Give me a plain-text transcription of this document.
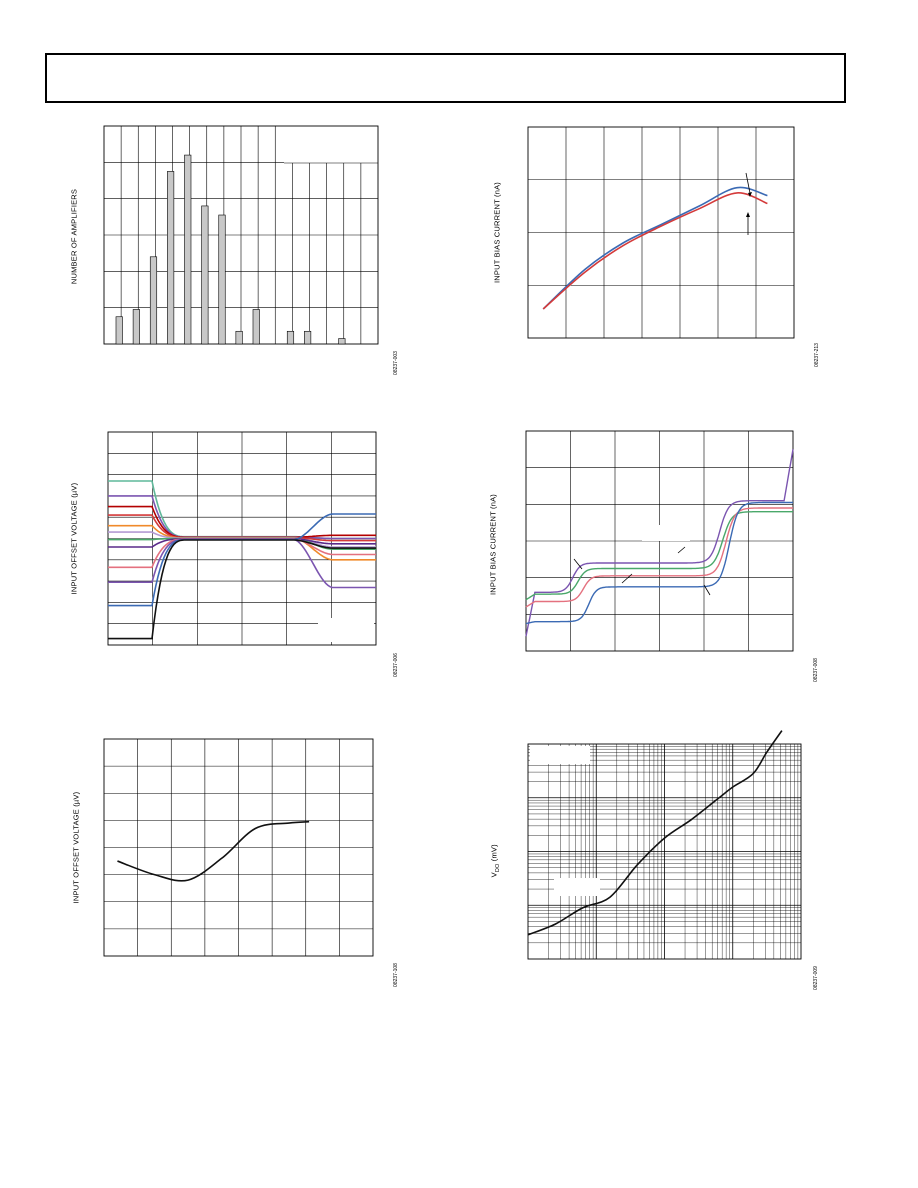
NUMBER OF AMPLIFIERS
08237-003
INPUT BIAS CURRENT (nA)
08237-213
INPUT OFFSET VOLTAGE (µV)
08237-006
INPUT BIAS CURRENT (nA)
08237-008
INPUT OFFSET VOLTAGE (µV)
08237-108
$V_{DO}$ (mV)
08237-009
